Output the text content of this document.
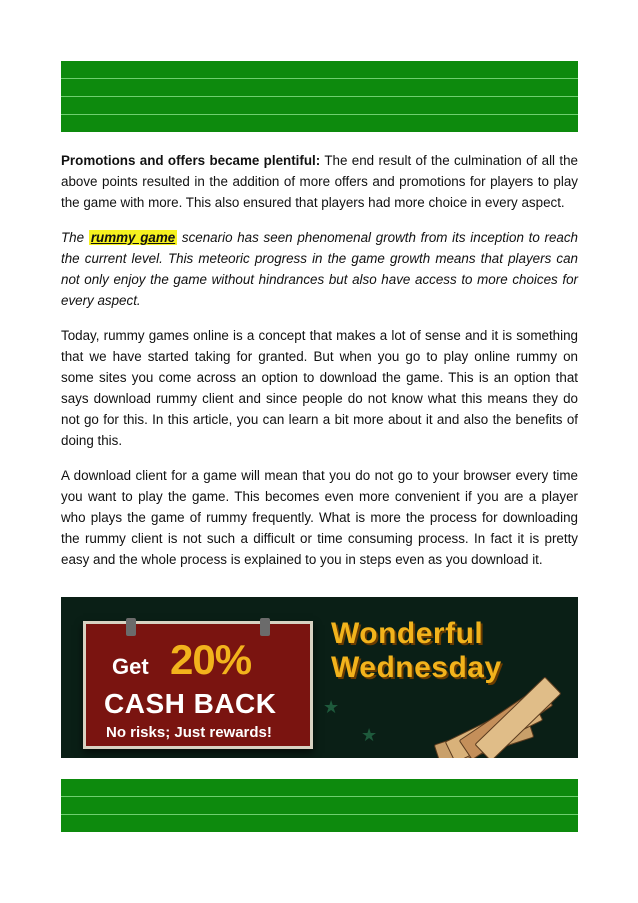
Promotions and offers became plentiful: The end result of the culmination of all the above points resulted in the addition of more offers and promotions for players to play the game with more. This also ensured that players had more choice in every aspect.

The rummy game scenario has seen phenomenal growth from its inception to reach the current level. This meteoric progress in the game growth means that players can not only enjoy the game without hindrances but also have access to more choices for every aspect.

Today, rummy games online is a concept that makes a lot of sense and it is something that we have started taking for granted. But when you go to play online rummy on some sites you come across an option to download the game. This is an option that says download rummy client and since people do not know what this means they do not go for this. In this article, you can learn a bit more about it and also the benefits of doing this.

A download client for a game will mean that you do not go to your browser every time you want to play the game. This becomes even more convenient if you are a player who plays the game of rummy frequently. What is more the process for downloading the rummy client is not such a difficult or time consuming process. In fact it is pretty easy and the whole process is explained to you in steps even as you download it.

★
★
Get 20%
CASH BACK
No risks; Just rewards!
Wonderful
Wednesday
